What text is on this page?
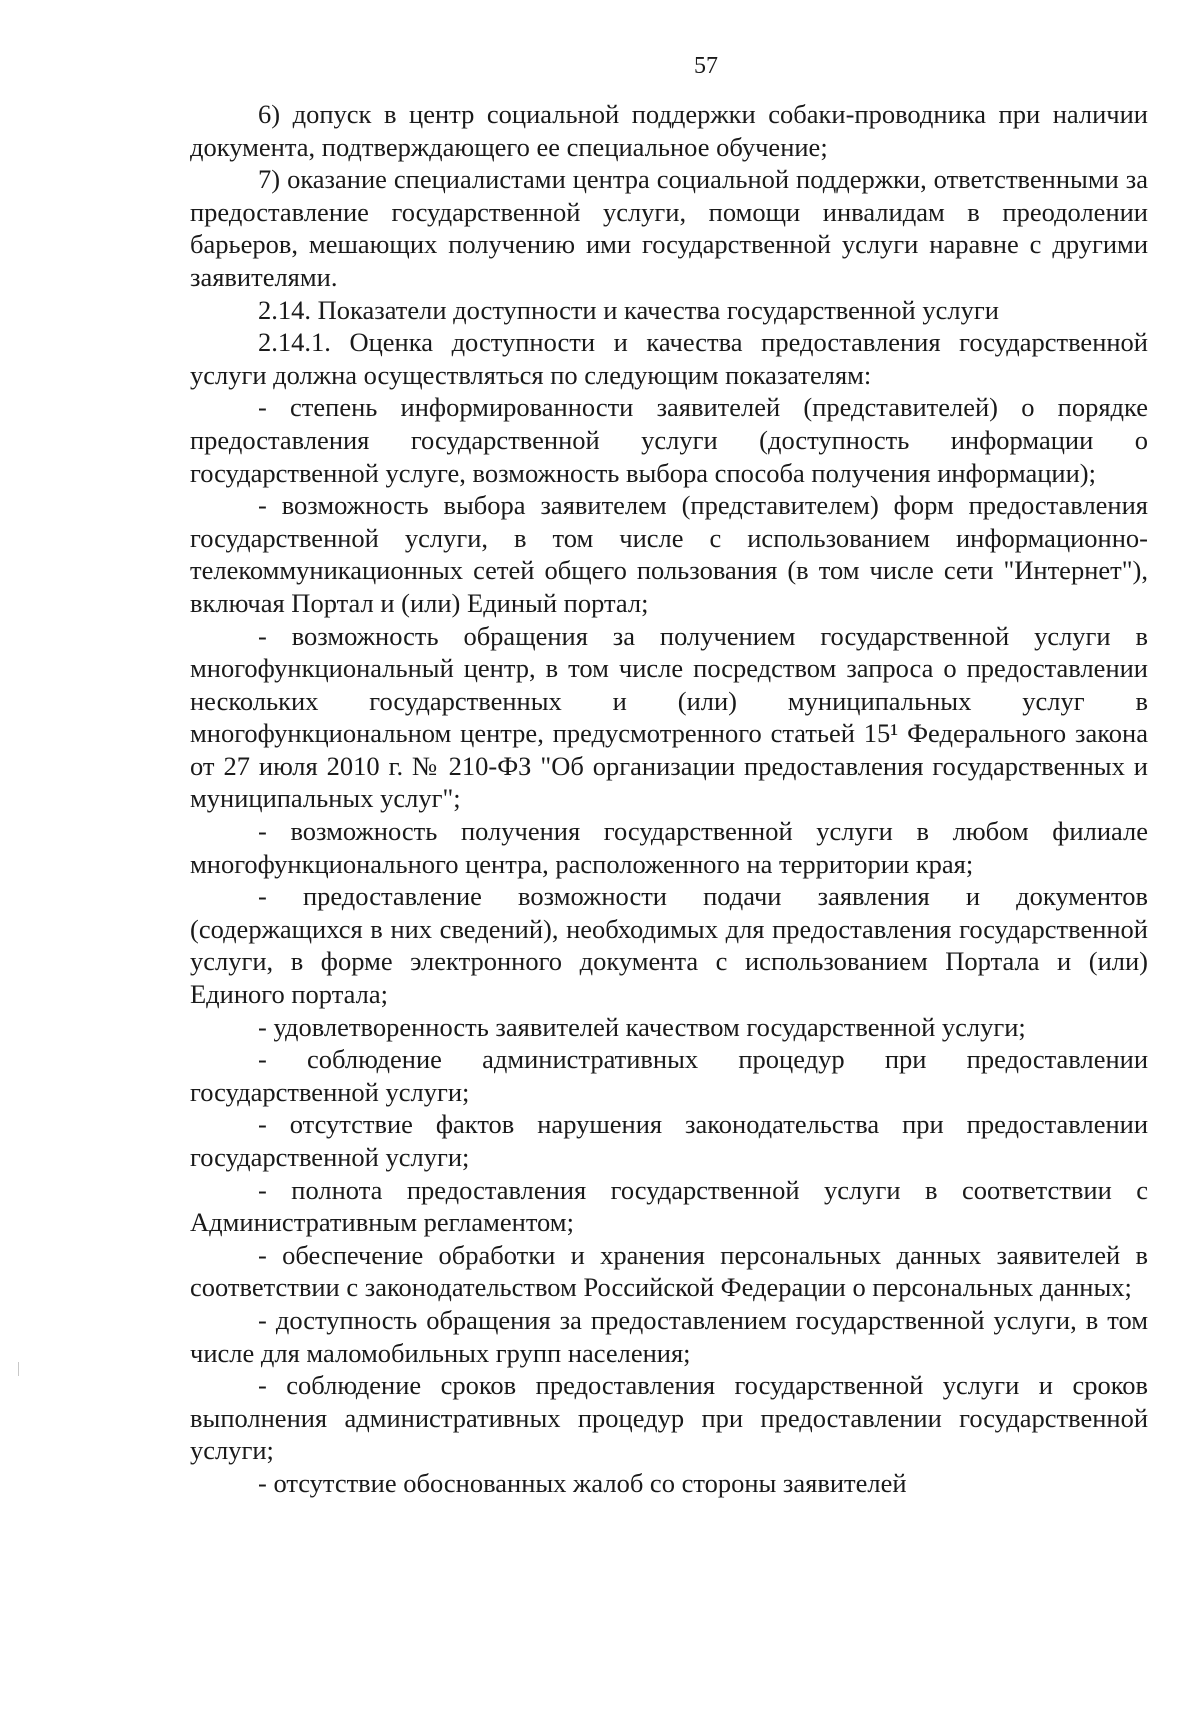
57

6) допуск в центр социальной поддержки собаки-проводника при наличии документа, подтверждающего ее специальное обучение;

7) оказание специалистами центра социальной поддержки, ответственными за предоставление государственной услуги, помощи инвалидам в преодолении барьеров, мешающих получению ими государственной услуги наравне с другими заявителями.

2.14. Показатели доступности и качества государственной услуги

2.14.1. Оценка доступности и качества предоставления государственной услуги должна осуществляться по следующим показателям:

- степень информированности заявителей (представителей) о порядке предоставления государственной услуги (доступность информации о государственной услуге, возможность выбора способа получения информации);

- возможность выбора заявителем (представителем) форм предоставления государственной услуги, в том числе с использованием информационно-телекоммуникационных сетей общего пользования (в том числе сети "Интернет"), включая Портал и (или) Единый портал;

- возможность обращения за получением государственной услуги в многофункциональный центр, в том числе посредством запроса о предоставлении нескольких государственных и (или) муниципальных услуг в многофункциональном центре, предусмотренного статьей 15¹ Федерального закона от 27 июля 2010 г. № 210-ФЗ "Об организации предоставления государственных и муниципальных услуг";

- возможность получения государственной услуги в любом филиале многофункционального центра, расположенного на территории края;

- предоставление возможности подачи заявления и документов (содержащихся в них сведений), необходимых для предоставления государственной услуги, в форме электронного документа с использованием Портала и (или) Единого портала;

- удовлетворенность заявителей качеством государственной услуги;

- соблюдение административных процедур при предоставлении государственной услуги;

- отсутствие фактов нарушения законодательства при предоставлении государственной услуги;

- полнота предоставления государственной услуги в соответствии с Административным регламентом;

- обеспечение обработки и хранения персональных данных заявителей в соответствии с законодательством Российской Федерации о персональных данных;

- доступность обращения за предоставлением государственной услуги, в том числе для маломобильных групп населения;

- соблюдение сроков предоставления государственной услуги и сроков выполнения административных процедур при предоставлении государственной услуги;

- отсутствие обоснованных жалоб со стороны заявителей
